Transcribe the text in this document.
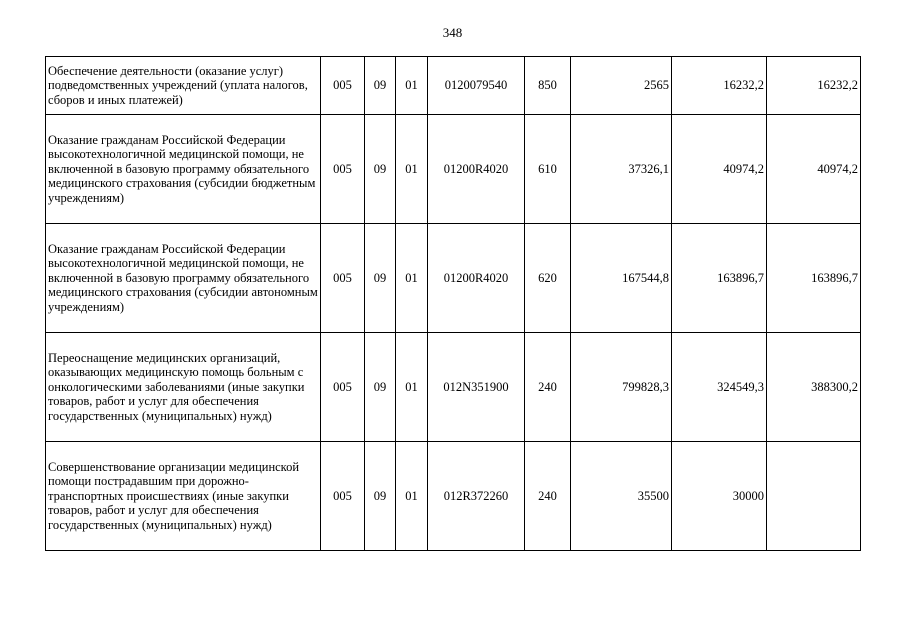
348
Обеспечение деятельности (оказание услуг) подведомственных учреждений (уплата налогов, сборов и иных платежей)	005	09	01	0120079540	850	2565	16232,2	16232,2
Оказание гражданам Российской Федерации высокотехнологичной медицинской помощи, не включенной в базовую программу обязательного медицинского страхования (субсидии бюджетным учреждениям)	005	09	01	01200R4020	610	37326,1	40974,2	40974,2
Оказание гражданам Российской Федерации высокотехнологичной медицинской помощи, не включенной в базовую программу обязательного медицинского страхования (субсидии автономным учреждениям)	005	09	01	01200R4020	620	167544,8	163896,7	163896,7
Переоснащение медицинских организаций, оказывающих медицинскую помощь больным с онкологическими заболеваниями (иные закупки товаров, работ и услуг для обеспечения государственных (муниципальных) нужд)	005	09	01	012N351900	240	799828,3	324549,3	388300,2
Совершенствование организации медицинской помощи пострадавшим при дорожно-транспортных происшествиях (иные закупки товаров, работ и услуг для обеспечения государственных (муниципальных) нужд)	005	09	01	012R372260	240	35500	30000	
